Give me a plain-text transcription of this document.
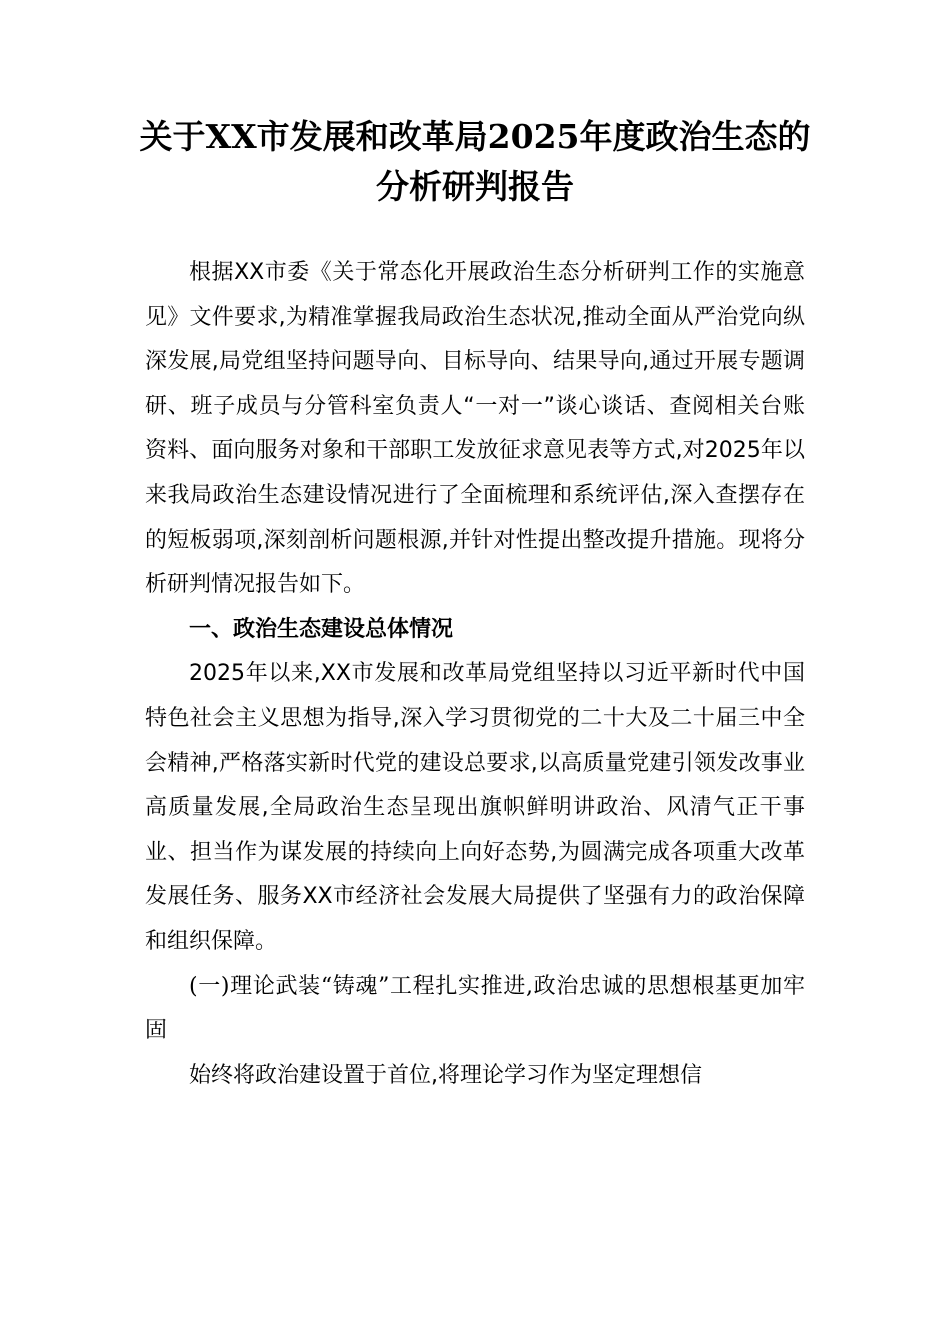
关于XX市发展和改革局2025年度政治生态的分析研判报告

根据XX市委《关于常态化开展政治生态分析研判工作的实施意见》文件要求,为精准掌握我局政治生态状况,推动全面从严治党向纵深发展,局党组坚持问题导向、目标导向、结果导向,通过开展专题调研、班子成员与分管科室负责人“一对一”谈心谈话、查阅相关台账资料、面向服务对象和干部职工发放征求意见表等方式,对2025年以来我局政治生态建设情况进行了全面梳理和系统评估,深入查摆存在的短板弱项,深刻剖析问题根源,并针对性提出整改提升措施。现将分析研判情况报告如下。

一、政治生态建设总体情况

2025年以来,XX市发展和改革局党组坚持以习近平新时代中国特色社会主义思想为指导,深入学习贯彻党的二十大及二十届三中全会精神,严格落实新时代党的建设总要求,以高质量党建引领发改事业高质量发展,全局政治生态呈现出旗帜鲜明讲政治、风清气正干事业、担当作为谋发展的持续向上向好态势,为圆满完成各项重大改革发展任务、服务XX市经济社会发展大局提供了坚强有力的政治保障和组织保障。

(一)理论武装“铸魂”工程扎实推进,政治忠诚的思想根基更加牢固

始终将政治建设置于首位,将理论学习作为坚定理想信
